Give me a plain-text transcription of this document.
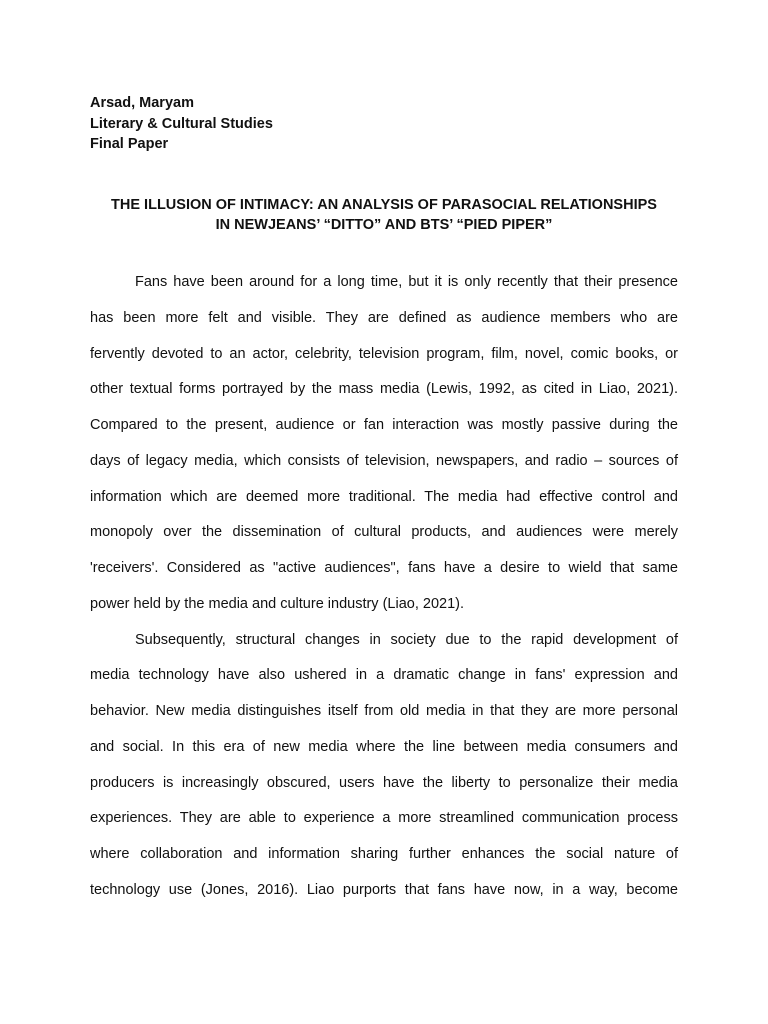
Arsad, Maryam
Literary & Cultural Studies
Final Paper
THE ILLUSION OF INTIMACY: AN ANALYSIS OF PARASOCIAL RELATIONSHIPS
IN NEWJEANS’ “DITTO” AND BTS’ “PIED PIPER”
Fans have been around for a long time, but it is only recently that their presence
has been more felt and visible. They are defined as audience members who are
fervently devoted to an actor, celebrity, television program, film, novel, comic books, or
other textual forms portrayed by the mass media (Lewis, 1992, as cited in Liao, 2021).
Compared to the present, audience or fan interaction was mostly passive during the
days of legacy media, which consists of television, newspapers, and radio – sources of
information which are deemed more traditional. The media had effective control and
monopoly over the dissemination of cultural products, and audiences were merely
'receivers'. Considered as "active audiences", fans have a desire to wield that same
power held by the media and culture industry (Liao, 2021).
Subsequently, structural changes in society due to the rapid development of
media technology have also ushered in a dramatic change in fans' expression and
behavior. New media distinguishes itself from old media in that they are more personal
and social. In this era of new media where the line between media consumers and
producers is increasingly obscured, users have the liberty to personalize their media
experiences. They are able to experience a more streamlined communication process
where collaboration and information sharing further enhances the social nature of
technology use (Jones, 2016). Liao purports that fans have now, in a way, become
